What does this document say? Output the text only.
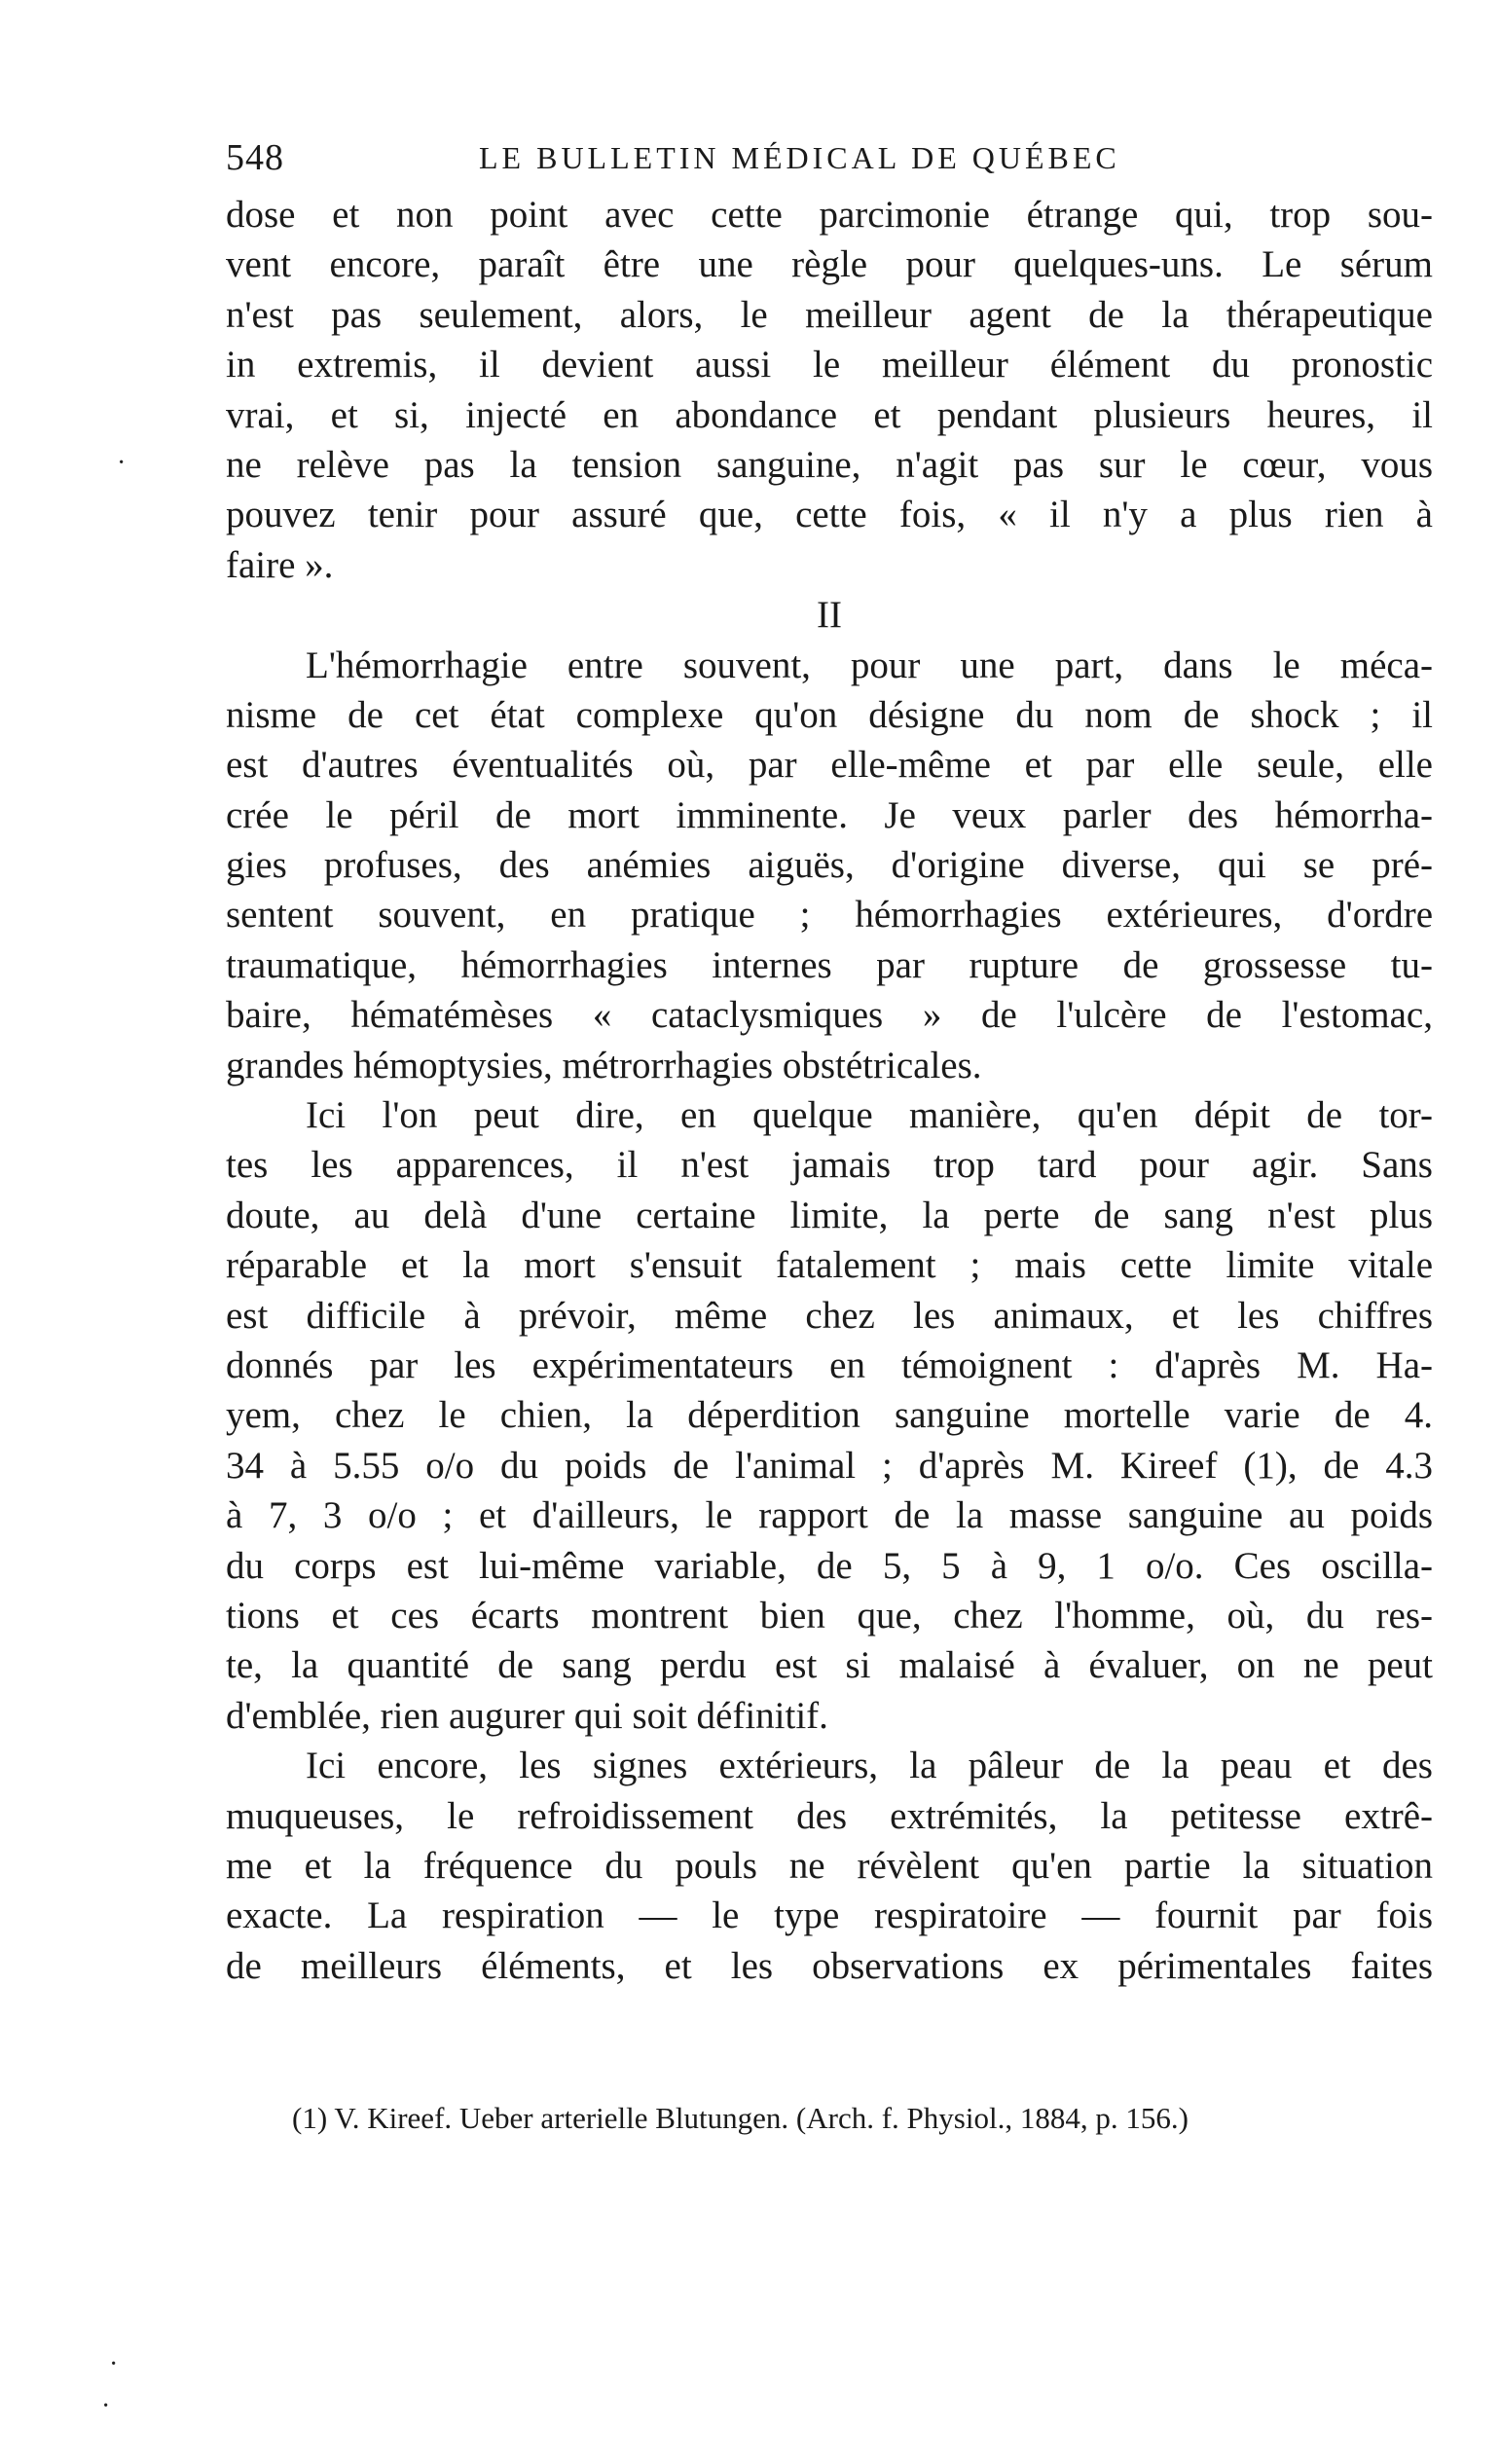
548	LE BULLETIN MÉDICAL DE QUÉBEC
dose et non point avec cette parcimonie étrange qui, trop sou-
vent encore, paraît être une règle pour quelques-uns. Le sérum
n'est pas seulement, alors, le meilleur agent de la thérapeutique
in extremis, il devient aussi le meilleur élément du pronostic
vrai, et si, injecté en abondance et pendant plusieurs heures, il
ne relève pas la tension sanguine, n'agit pas sur le cœur, vous
pouvez tenir pour assuré que, cette fois, « il n'y a plus rien à
faire ».
II
L'hémorrhagie entre souvent, pour une part, dans le méca-
nisme de cet état complexe qu'on désigne du nom de shock ; il
est d'autres éventualités où, par elle-même et par elle seule, elle
crée le péril de mort imminente. Je veux parler des hémorrha-
gies profuses, des anémies aiguës, d'origine diverse, qui se pré-
sentent souvent, en pratique ; hémorrhagies extérieures, d'ordre
traumatique, hémorrhagies internes par rupture de grossesse tu-
baire, hématémèses « cataclysmiques » de l'ulcère de l'estomac,
grandes hémoptysies, métrorrhagies obstétricales.
Ici l'on peut dire, en quelque manière, qu'en dépit de tor-
tes les apparences, il n'est jamais trop tard pour agir. Sans
doute, au delà d'une certaine limite, la perte de sang n'est plus
réparable et la mort s'ensuit fatalement ; mais cette limite vitale
est difficile à prévoir, même chez les animaux, et les chiffres
donnés par les expérimentateurs en témoignent : d'après M. Ha-
yem, chez le chien, la déperdition sanguine mortelle varie de 4.
34 à 5.55 o/o du poids de l'animal ; d'après M. Kireef (1), de 4.3
à 7, 3 o/o ; et d'ailleurs, le rapport de la masse sanguine au poids
du corps est lui-même variable, de 5, 5 à 9, 1 o/o. Ces oscilla-
tions et ces écarts montrent bien que, chez l'homme, où, du res-
te, la quantité de sang perdu est si malaisé à évaluer, on ne peut
d'emblée, rien augurer qui soit définitif.
Ici encore, les signes extérieurs, la pâleur de la peau et des
muqueuses, le refroidissement des extrémités, la petitesse extrê-
me et la fréquence du pouls ne révèlent qu'en partie la situation
exacte. La respiration — le type respiratoire — fournit par fois
de meilleurs éléments, et les observations ex périmentales faites
(1) V. Kireef. Ueber arterielle Blutungen. (Arch. f. Physiol., 1884, p. 156.)
·
·
·
